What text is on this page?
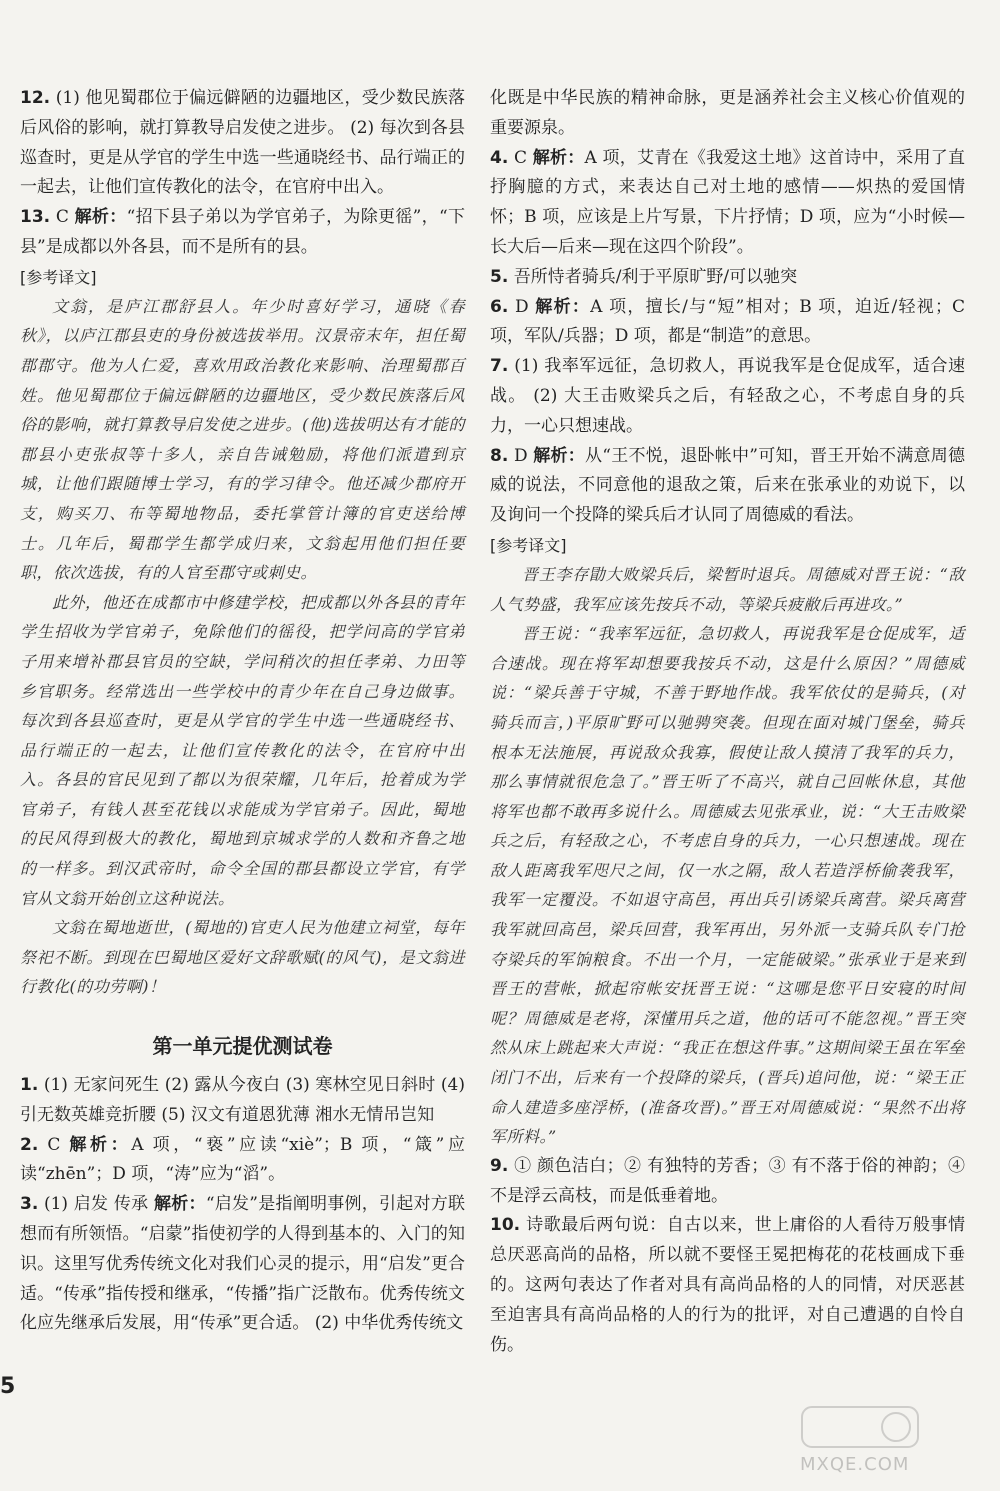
12. (1) 他见蜀郡位于偏远僻陋的边疆地区，受少数民族落后风俗的影响，就打算教导启发使之进步。 (2) 每次到各县巡查时，更是从学官的学生中选一些通晓经书、品行端正的一起去，让他们宣传教化的法令，在官府中出入。

13. C 解析：“招下县子弟以为学官弟子，为除更徭”，“下县”是成都以外各县，而不是所有的县。

[参考译文]

文翁，是庐江郡舒县人。年少时喜好学习，通晓《春秋》，以庐江郡县吏的身份被选拔举用。汉景帝末年，担任蜀郡郡守。他为人仁爱，喜欢用政治教化来影响、治理蜀郡百姓。他见蜀郡位于偏远僻陋的边疆地区，受少数民族落后风俗的影响，就打算教导启发使之进步。(他)选拔明达有才能的郡县小吏张叔等十多人，亲自告诫勉励，将他们派遣到京城，让他们跟随博士学习，有的学习律令。他还减少郡府开支，购买刀、布等蜀地物品，委托掌管计簿的官吏送给博士。几年后，蜀郡学生都学成归来，文翁起用他们担任要职，依次选拔，有的人官至郡守或刺史。

此外，他还在成都市中修建学校，把成都以外各县的青年学生招收为学官弟子，免除他们的徭役，把学问高的学官弟子用来增补郡县官员的空缺，学问稍次的担任孝弟、力田等乡官职务。经常选出一些学校中的青少年在自己身边做事。每次到各县巡查时，更是从学官的学生中选一些通晓经书、品行端正的一起去，让他们宣传教化的法令，在官府中出入。各县的官民见到了都以为很荣耀，几年后，抢着成为学官弟子，有钱人甚至花钱以求能成为学官弟子。因此，蜀地的民风得到极大的教化，蜀地到京城求学的人数和齐鲁之地的一样多。到汉武帝时，命令全国的郡县都设立学官，有学官从文翁开始创立这种说法。

文翁在蜀地逝世，(蜀地的)官吏人民为他建立祠堂，每年祭祀不断。到现在巴蜀地区爱好文辞歌赋(的风气)，是文翁进行教化(的功劳啊)！

第一单元提优测试卷

1. (1) 无家问死生 (2) 露从今夜白 (3) 寒林空见日斜时 (4) 引无数英雄竞折腰 (5) 汉文有道恩犹薄 湘水无情吊岂知

2. C 解析：A 项，“亵”应读“xiè”；B 项，“箴”应读“zhēn”；D 项，“涛”应为“滔”。

3. (1) 启发 传承 解析：“启发”是指阐明事例，引起对方联想而有所领悟。“启蒙”指使初学的人得到基本的、入门的知识。这里写优秀传统文化对我们心灵的提示，用“启发”更合适。“传承”指传授和继承，“传播”指广泛散布。优秀传统文化应先继承后发展，用“传承”更合适。 (2) 中华优秀传统文

化既是中华民族的精神命脉，更是涵养社会主义核心价值观的重要源泉。

4. C 解析：A 项，艾青在《我爱这土地》这首诗中，采用了直抒胸臆的方式，来表达自己对土地的感情——炽热的爱国情怀；B 项，应该是上片写景，下片抒情；D 项，应为“小时候—长大后—后来—现在这四个阶段”。

5. 吾所恃者骑兵/利于平原旷野/可以驰突

6. D 解析：A 项，擅长/与“短”相对；B 项，迫近/轻视；C 项，军队/兵器；D 项，都是“制造”的意思。

7. (1) 我率军远征，急切救人，再说我军是仓促成军，适合速战。 (2) 大王击败梁兵之后，有轻敌之心，不考虑自身的兵力，一心只想速战。

8. D 解析：从“王不悦，退卧帐中”可知，晋王开始不满意周德威的说法，不同意他的退敌之策，后来在张承业的劝说下，以及询问一个投降的梁兵后才认同了周德威的看法。

[参考译文]

晋王李存勖大败梁兵后，梁暂时退兵。周德威对晋王说：“敌人气势盛，我军应该先按兵不动，等梁兵疲敝后再进攻。”

晋王说：“我率军远征，急切救人，再说我军是仓促成军，适合速战。现在将军却想要我按兵不动，这是什么原因？”周德威说：“梁兵善于守城，不善于野地作战。我军依仗的是骑兵，(对骑兵而言，)平原旷野可以驰骋突袭。但现在面对城门堡垒，骑兵根本无法施展，再说敌众我寡，假使让敌人摸清了我军的兵力，那么事情就很危急了。”晋王听了不高兴，就自己回帐休息，其他将军也都不敢再多说什么。周德威去见张承业，说：“大王击败梁兵之后，有轻敌之心，不考虑自身的兵力，一心只想速战。现在敌人距离我军咫尺之间，仅一水之隔，敌人若造浮桥偷袭我军，我军一定覆没。不如退守高邑，再出兵引诱梁兵离营。梁兵离营我军就回高邑，梁兵回营，我军再出，另外派一支骑兵队专门抢夺梁兵的军饷粮食。不出一个月，一定能破梁。”张承业于是来到晋王的营帐，掀起帘帐安抚晋王说：“这哪是您平日安寝的时间呢？周德威是老将，深懂用兵之道，他的话可不能忽视。”晋王突然从床上跳起来大声说：“我正在想这件事。”这期间梁王虽在军垒闭门不出，后来有一个投降的梁兵，(晋兵)追问他，说：“梁王正命人建造多座浮桥，(准备攻晋)。”晋王对周德威说：“果然不出将军所料。”

9. ① 颜色洁白；② 有独特的芳香；③ 有不落于俗的神韵；④ 不是浮云高枝，而是低垂着地。

10. 诗歌最后两句说：自古以来，世上庸俗的人看待万般事情总厌恶高尚的品格，所以就不要怪王冕把梅花的花枝画成下垂的。这两句表达了作者对具有高尚品格的人的同情，对厌恶甚至迫害具有高尚品格的人的行为的批评，对自己遭遇的自怜自伤。

5
MXQE.COM
